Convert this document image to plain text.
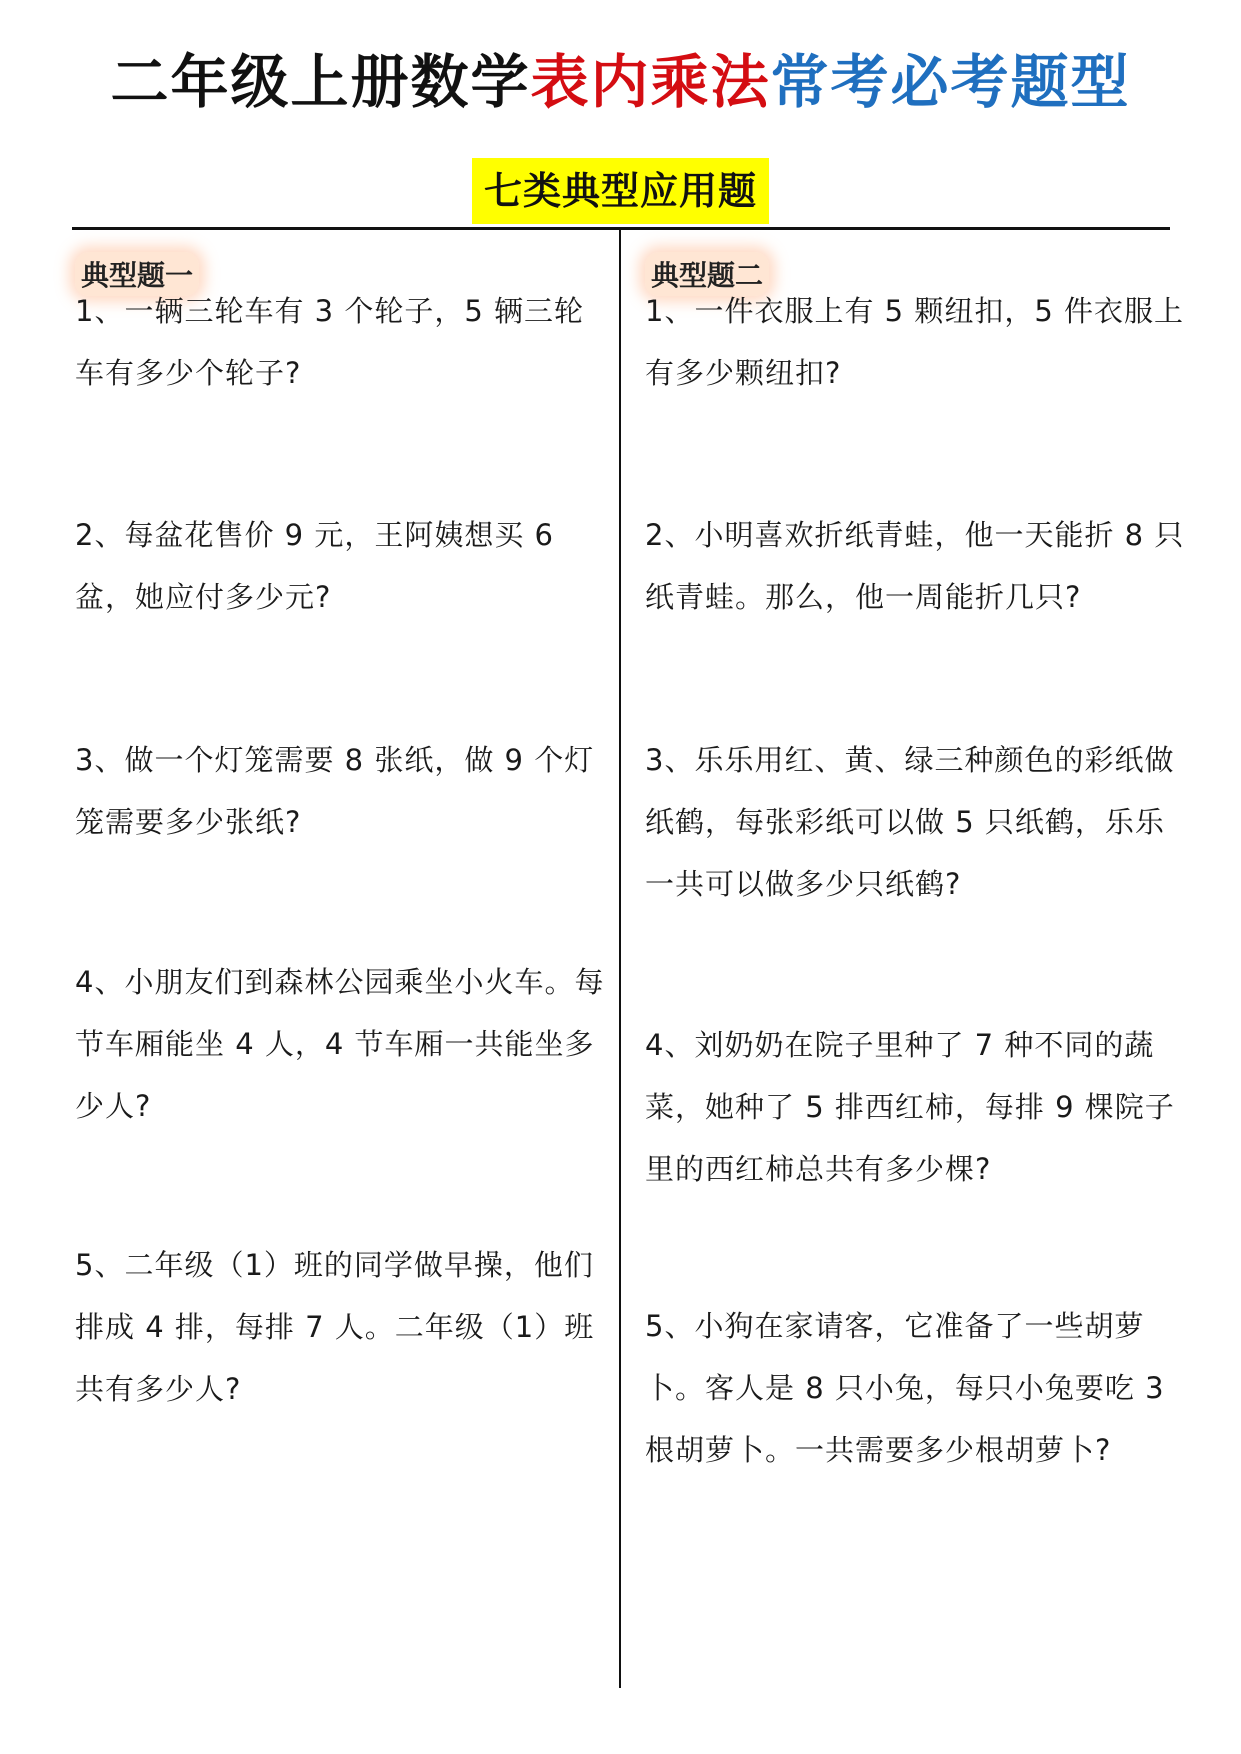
二年级上册数学表内乘法常考必考题型
七类典型应用题
典型题一
1、一辆三轮车有 3 个轮子，5 辆三轮车有多少个轮子?
2、每盆花售价 9 元，王阿姨想买 6 盆，她应付多少元?
3、做一个灯笼需要 8 张纸，做 9 个灯笼需要多少张纸?
4、小朋友们到森林公园乘坐小火车。每节车厢能坐 4 人，4 节车厢一共能坐多少人?
5、二年级（1）班的同学做早操，他们排成 4 排，每排 7 人。二年级（1）班共有多少人?
典型题二
1、一件衣服上有 5 颗纽扣，5 件衣服上有多少颗纽扣?
2、小明喜欢折纸青蛙，他一天能折 8 只纸青蛙。那么，他一周能折几只?
3、乐乐用红、黄、绿三种颜色的彩纸做纸鹤，每张彩纸可以做 5 只纸鹤，乐乐一共可以做多少只纸鹤?
4、刘奶奶在院子里种了 7 种不同的蔬菜，她种了 5 排西红柿，每排 9 棵院子里的西红柿总共有多少棵?
5、小狗在家请客，它准备了一些胡萝卜。客人是 8 只小兔，每只小兔要吃 3 根胡萝卜。一共需要多少根胡萝卜?
